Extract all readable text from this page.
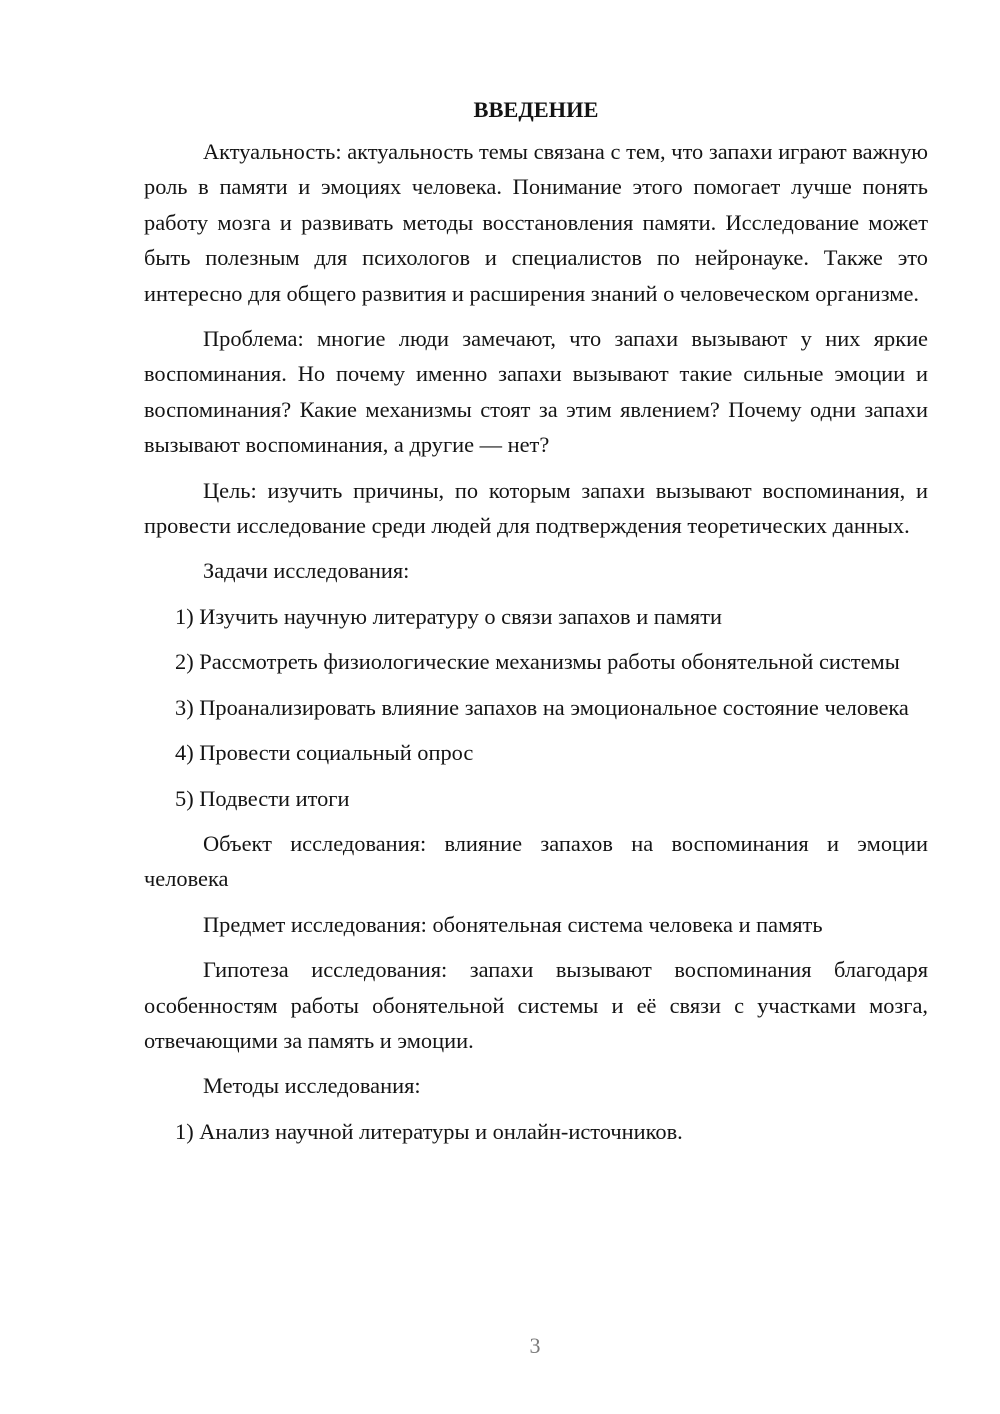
ВВЕДЕНИЕ

Актуальность: актуальность темы связана с тем, что запахи играют важную роль в памяти и эмоциях человека. Понимание этого помогает лучше понять работу мозга и развивать методы восстановления памяти. Исследование может быть полезным для психологов и специалистов по нейронауке. Также это интересно для общего развития и расширения знаний о человеческом организме.

Проблема: многие люди замечают, что запахи вызывают у них яркие воспоминания. Но почему именно запахи вызывают такие сильные эмоции и воспоминания? Какие механизмы стоят за этим явлением? Почему одни запахи вызывают воспоминания, а другие — нет?

Цель: изучить причины, по которым запахи вызывают воспоминания, и провести исследование среди людей для подтверждения теоретических данных.

Задачи исследования:

1) Изучить научную литературу о связи запахов и памяти

2) Рассмотреть физиологические механизмы работы обонятельной системы

3) Проанализировать влияние запахов на эмоциональное состояние человека

4) Провести социальный опрос

5) Подвести итоги

Объект исследования: влияние запахов на воспоминания и эмоции человека

Предмет исследования: обонятельная система человека и память

Гипотеза исследования: запахи вызывают воспоминания благодаря особенностям работы обонятельной системы и её связи с участками мозга, отвечающими за память и эмоции.

Методы исследования:

1) Анализ научной литературы и онлайн-источников.

3
